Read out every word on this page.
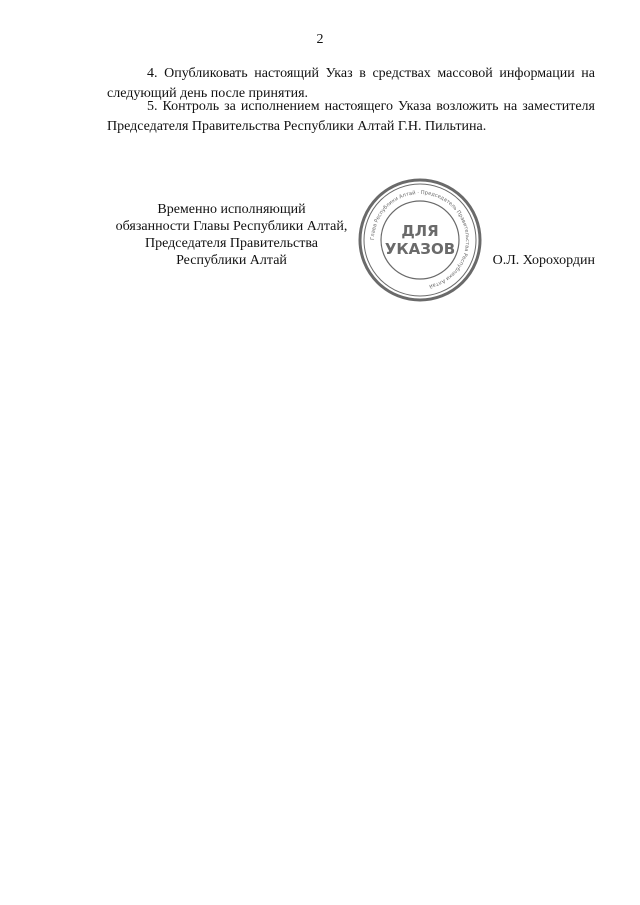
2
4. Опубликовать настоящий Указ в средствах массовой информации на следующий день после принятия.
5. Контроль за исполнением настоящего Указа возложить на заместителя Председателя Правительства Республики Алтай Г.Н. Пильтина.
Временно исполняющий
обязанности Главы Республики Алтай,
Председателя Правительства
Республики Алтай	О.Л. Хорохордин
Глава Республики Алтай · Председатель Правительства Республики Алтай
ДЛЯ
УКАЗОВ
